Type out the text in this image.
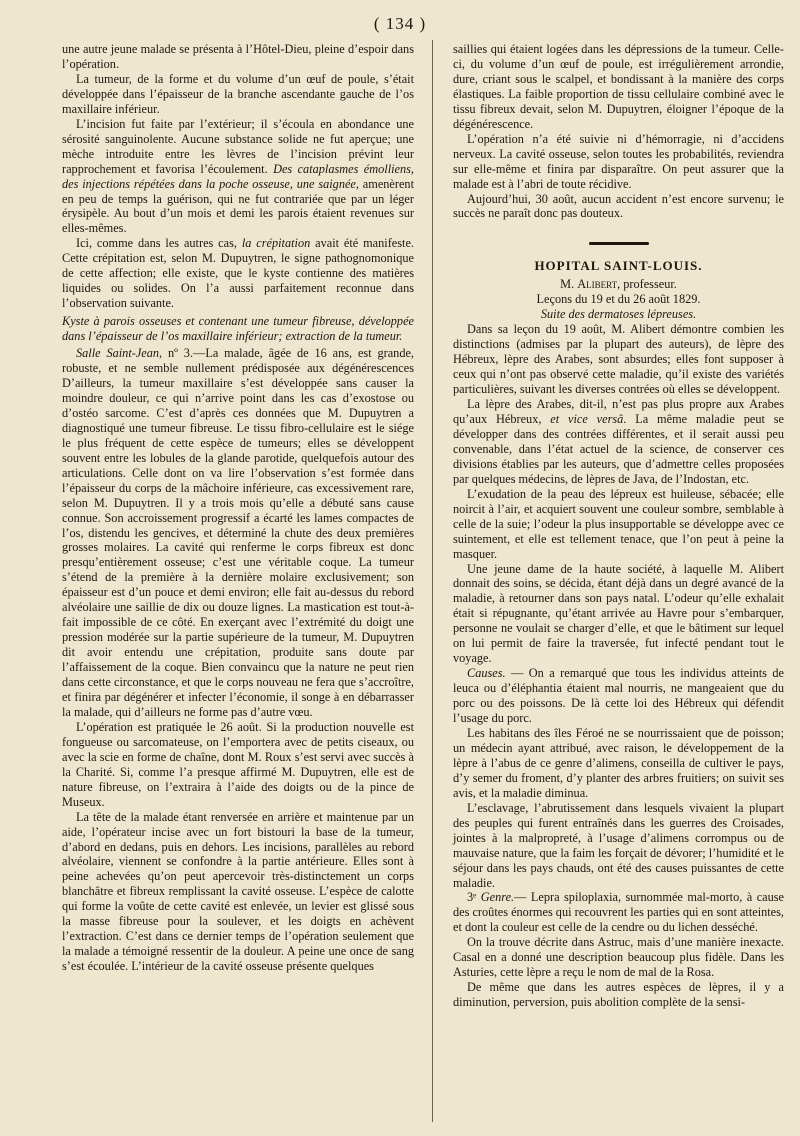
( 134 )

une autre jeune malade se présenta à l’Hôtel-Dieu, pleine d’espoir dans l’opération.

La tumeur, de la forme et du volume d’un œuf de poule, s’était développée dans l’épaisseur de la branche ascendante gauche de l’os maxillaire inférieur.

L’incision fut faite par l’extérieur; il s’écoula en abondance une sérosité sanguinolente. Aucune substance solide ne fut aperçue; une mèche introduite entre les lèvres de l’incision prévint leur rapprochement et favorisa l’écoulement. Des cataplasmes émolliens, des injections répétées dans la poche osseuse, une saignée, amenèrent en peu de temps la guérison, qui ne fut contrariée que par un léger érysipèle. Au bout d’un mois et demi les parois étaient revenues sur elles-mêmes.

Ici, comme dans les autres cas, la crépitation avait été manifeste. Cette crépitation est, selon M. Dupuytren, le signe pathognomonique de cette affection; elle existe, que le kyste contienne des matières liquides ou solides. On l’a aussi parfaitement reconnue dans l’observation suivante.

Kyste à parois osseuses et contenant une tumeur fibreuse, développée dans l’épaisseur de l’os maxillaire inférieur; extraction de la tumeur.

Salle Saint-Jean, nº 3.—La malade, âgée de 16 ans, est grande, robuste, et ne semble nullement prédisposée aux dégénérescences D’ailleurs, la tumeur maxillaire s’est développée sans causer la moindre douleur, ce qui n’arrive point dans les cas d’exostose ou d’ostéo sarcome. C’est d’après ces données que M. Dupuytren a diagnostiqué une tumeur fibreuse. Le tissu fibro-cellulaire est le siége le plus fréquent de cette espèce de tumeurs; elles se développent souvent entre les lobules de la glande parotide, quelquefois autour des articulations. Celle dont on va lire l’observation s’est formée dans l’épaisseur du corps de la mâchoire inférieure, cas excessivement rare, selon M. Dupuytren. Il y a trois mois qu’elle a débuté sans cause connue. Son accroissement progressif a écarté les lames compactes de l’os, distendu les gencives, et déterminé la chute des deux premières grosses molaires. La cavité qui renferme le corps fibreux est donc presqu’entièrement osseuse; c’est une véritable coque. La tumeur s’étend de la première à la dernière molaire exclusivement; son épaisseur est d’un pouce et demi environ; elle fait au-dessus du rebord alvéolaire une saillie de dix ou douze lignes. La mastication est tout-à-fait impossible de ce côté. En exerçant avec l’extrémité du doigt une pression modérée sur la partie supérieure de la tumeur, M. Dupuytren dit avoir entendu une crépitation, produite sans doute par l’affaissement de la coque. Bien convaincu que la nature ne peut rien dans cette circonstance, et que le corps nouveau ne fera que s’accroître, et finira par dégénérer et infecter l’économie, il songe à en débarrasser la malade, qui d’ailleurs ne forme pas d’autre vœu.

L’opération est pratiquée le 26 août. Si la production nouvelle est fongueuse ou sarcomateuse, on l’emportera avec de petits ciseaux, ou avec la scie en forme de chaîne, dont M. Roux s’est servi avec succès à la Charité. Si, comme l’a presque affirmé M. Dupuytren, elle est de nature fibreuse, on l’extraira à l’aide des doigts ou de la pince de Museux.

La tête de la malade étant renversée en arrière et maintenue par un aide, l’opérateur incise avec un fort bistouri la base de la tumeur, d’abord en dedans, puis en dehors. Les incisions, parallèles au rebord alvéolaire, viennent se confondre à la partie antérieure. Elles sont à peine achevées qu’on peut apercevoir très-distinctement un corps blanchâtre et fibreux remplissant la cavité osseuse. L’espèce de calotte qui forme la voûte de cette cavité est enlevée, un levier est glissé sous la masse fibreuse pour la soulever, et les doigts en achèvent l’extraction. C’est dans ce dernier temps de l’opération seulement que la malade a témoigné ressentir de la douleur. A peine une once de sang s’est écoulée. L’intérieur de la cavité osseuse présente quelques

saillies qui étaient logées dans les dépressions de la tumeur. Celle-ci, du volume d’un œuf de poule, est irrégulièrement arrondie, dure, criant sous le scalpel, et bondissant à la manière des corps élastiques. La faible proportion de tissu cellulaire combiné avec le tissu fibreux devait, selon M. Dupuytren, éloigner l’époque de la dégénérescence.

L’opération n’a été suivie ni d’hémorragie, ni d’accidens nerveux. La cavité osseuse, selon toutes les probabilités, reviendra sur elle-même et finira par disparaître. On peut assurer que la malade est à l’abri de toute récidive.

Aujourd’hui, 30 août, aucun accident n’est encore survenu; le succès ne paraît donc pas douteux.

HOPITAL SAINT-LOUIS.

M. Alibert, professeur.

Leçons du 19 et du 26 août 1829.

Suite des dermatoses lépreuses.

Dans sa leçon du 19 août, M. Alibert démontre combien les distinctions (admises par la plupart des auteurs), de lèpre des Hébreux, lèpre des Arabes, sont absurdes; elles font supposer à ceux qui n’ont pas observé cette maladie, qu’il existe des variétés particulières, suivant les diverses contrées où elles se développent.

La lèpre des Arabes, dit-il, n’est pas plus propre aux Arabes qu’aux Hébreux, et vice versâ. La même maladie peut se développer dans des contrées différentes, et il serait aussi peu convenable, dans l’état actuel de la science, de conserver ces divisions établies par les auteurs, que d’admettre celles proposées par quelques médecins, de lèpres de Java, de l’Indostan, etc.

L’exudation de la peau des lépreux est huileuse, sébacée; elle noircit à l’air, et acquiert souvent une couleur sombre, semblable à celle de la suie; l’odeur la plus insupportable se développe avec ce suintement, et elle est tellement tenace, que l’on peut à peine la masquer.

Une jeune dame de la haute société, à laquelle M. Alibert donnait des soins, se décida, étant déjà dans un degré avancé de la maladie, à retourner dans son pays natal. L’odeur qu’elle exhalait était si répugnante, qu’étant arrivée au Havre pour s’embarquer, personne ne voulait se charger d’elle, et que le bâtiment sur lequel on lui permit de faire la traversée, fut infecté pendant tout le voyage.

Causes. — On a remarqué que tous les individus atteints de leuca ou d’éléphantia étaient mal nourris, ne mangeaient que du porc ou des poissons. De là cette loi des Hébreux qui défendit l’usage du porc.

Les habitans des îles Féroé ne se nourrissaient que de poisson; un médecin ayant attribué, avec raison, le développement de la lèpre à l’abus de ce genre d’alimens, conseilla de cultiver le pays, d’y semer du froment, d’y planter des arbres fruitiers; on suivit ses avis, et la maladie diminua.

L’esclavage, l’abrutissement dans lesquels vivaient la plupart des peuples qui furent entraînés dans les guerres des Croisades, jointes à la malpropreté, à l’usage d’alimens corrompus ou de mauvaise nature, que la faim les forçait de dévorer; l’humidité et le séjour dans les pays chauds, ont été des causes puissantes de cette maladie.

3ᵉ Genre.— Lepra spiloplaxia, surnommée mal-morto, à cause des croûtes énormes qui recouvrent les parties qui en sont atteintes, et dont la couleur est celle de la cendre ou du lichen desséché.

On la trouve décrite dans Astruc, mais d’une manière inexacte. Casal en a donné une description beaucoup plus fidèle. Dans les Asturies, cette lèpre a reçu le nom de mal de la Rosa.

De même que dans les autres espèces de lèpres, il y a diminution, perversion, puis abolition complète de la sensi-
